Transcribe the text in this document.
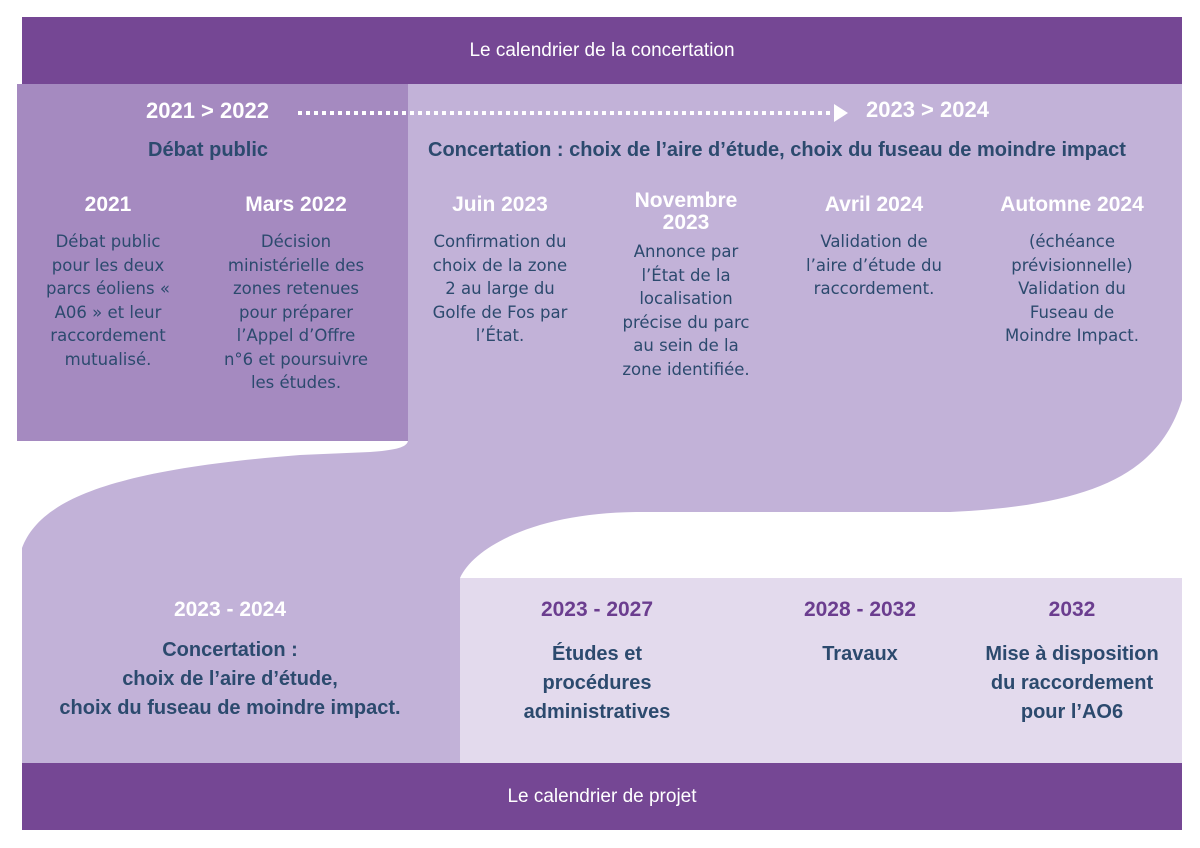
Le calendrier de la concertation
2021 > 2022	2023 > 2024
Débat public	Concertation : choix de l’aire d’étude, choix du fuseau de moindre impact
2021
Débat public
pour les deux
parcs éoliens «
A06 » et leur
raccordement
mutualisé.
Mars 2022
Décision
ministérielle des
zones retenues
pour préparer
l’Appel d’Offre
n°6 et poursuivre
les études.
Juin 2023
Confirmation du
choix de la zone
2 au large du
Golfe de Fos par
l’État.
Novembre
2023
Annonce par
l’État de la
localisation
précise du parc
au sein de la
zone identifiée.
Avril 2024
Validation de
l’aire d’étude du
raccordement.
Automne 2024
(échéance
prévisionnelle)
Validation du
Fuseau de
Moindre Impact.
2023 - 2024
Concertation :
choix de l’aire d’étude,
choix du fuseau de moindre impact.
2023 - 2027
Études et
procédures
administratives
2028 - 2032
Travaux
2032
Mise à disposition
du raccordement
pour l’AO6
Le calendrier de projet
